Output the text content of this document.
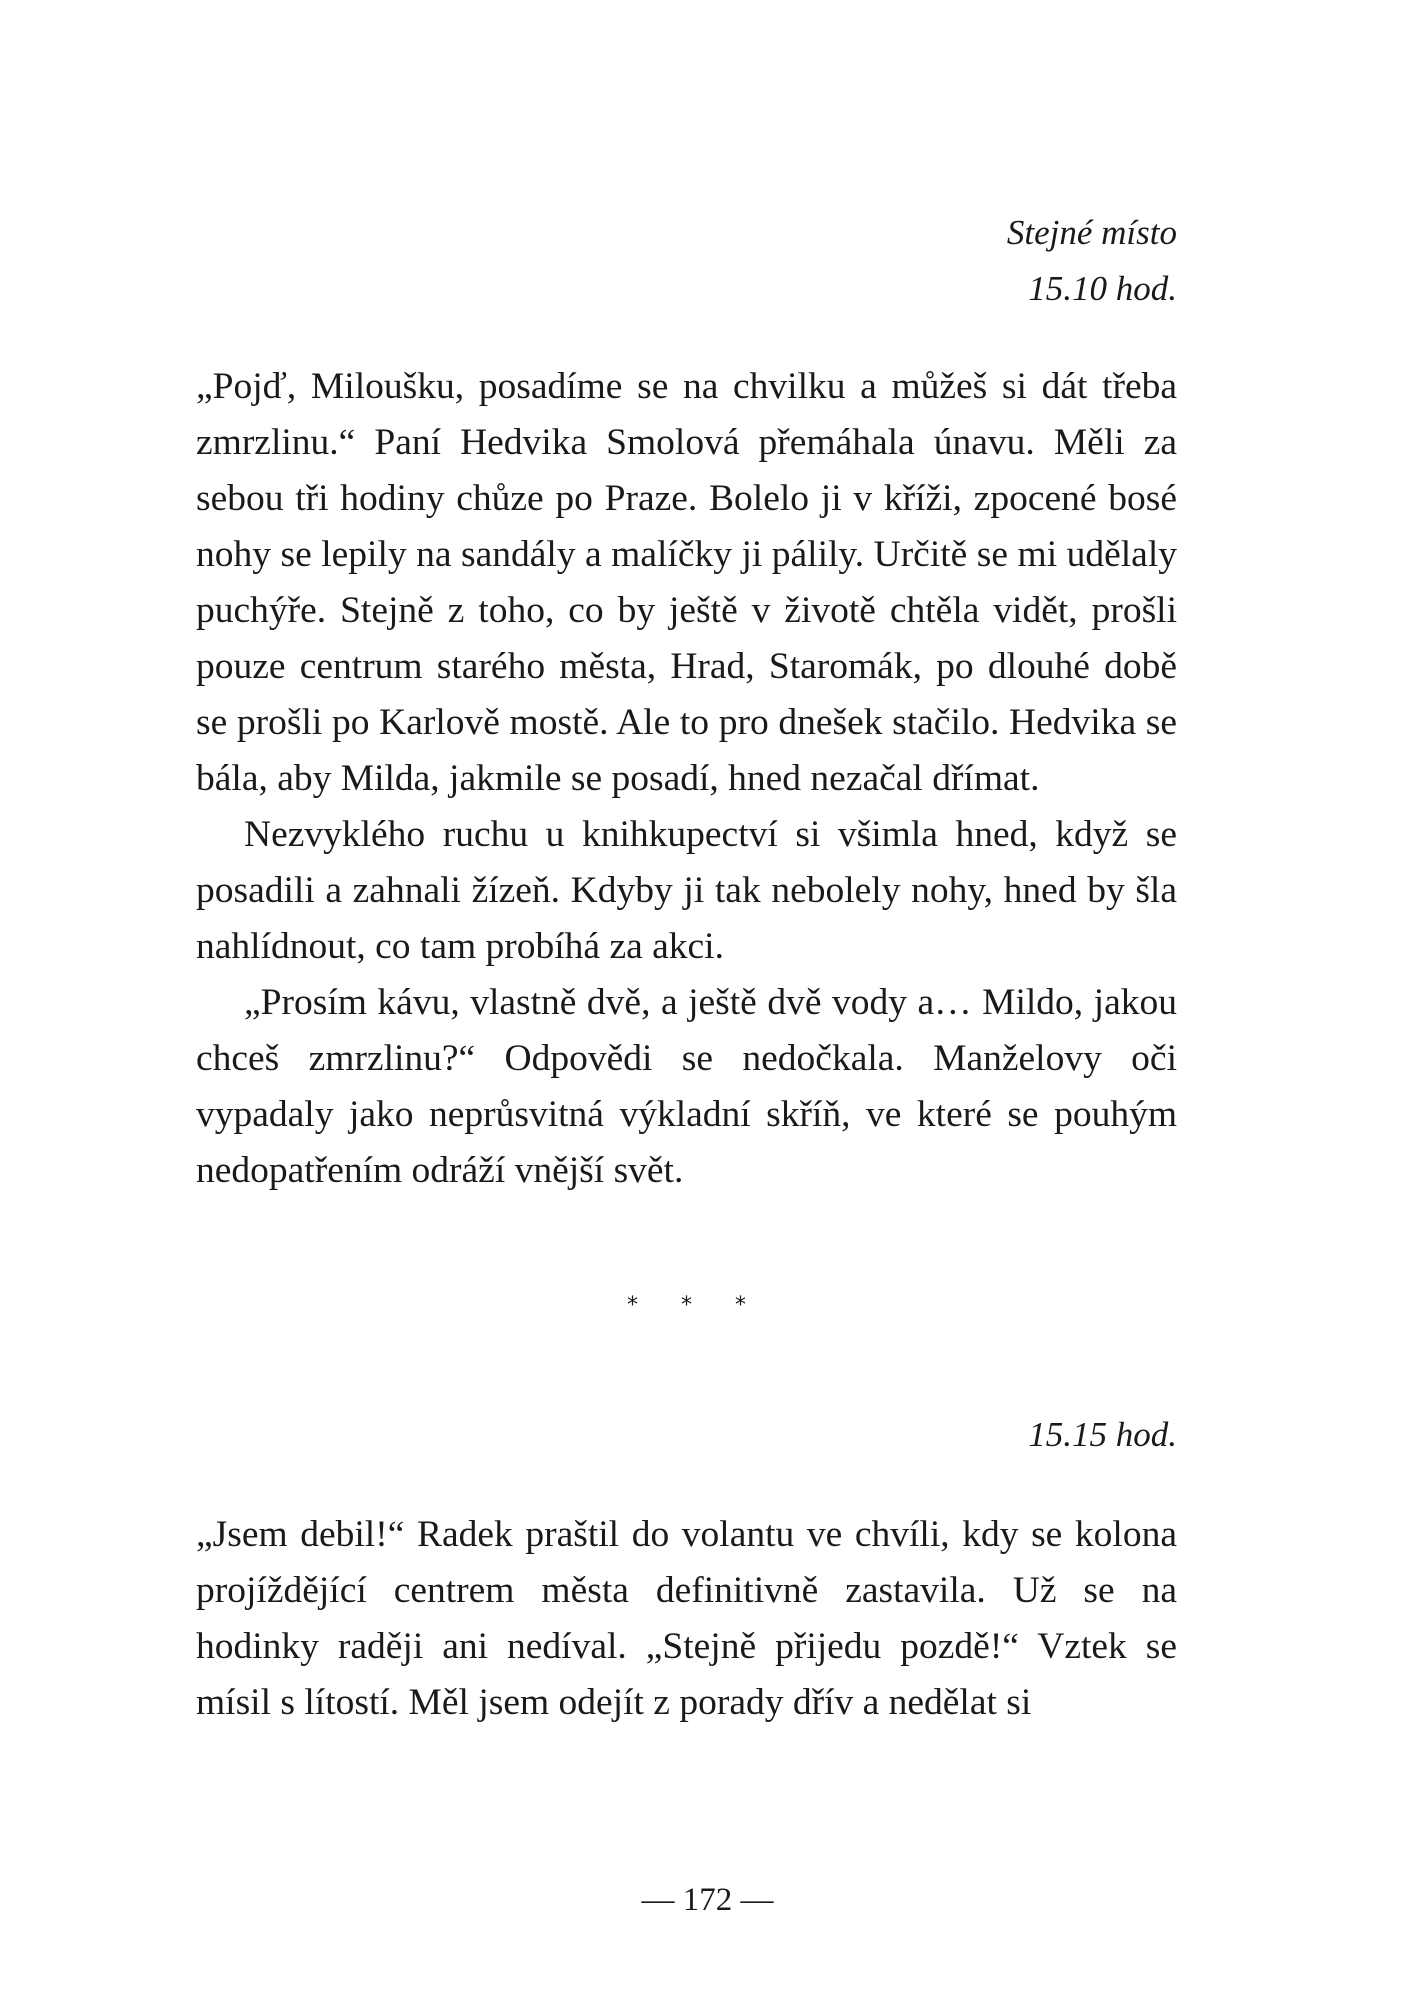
Stejné místo
15.10 hod.

„Pojď, Miloušku, posadíme se na chvilku a můžeš si dát třeba zmrzlinu.“ Paní Hedvika Smolová přemáhala únavu. Měli za sebou tři hodiny chůze po Praze. Bolelo ji v kříži, zpocené bosé nohy se lepily na sandály a malíčky ji pálily. Určitě se mi udělaly puchýře. Stejně z toho, co by ještě v životě chtěla vidět, prošli pouze centrum starého města, Hrad, Staromák, po dlouhé době se prošli po Karlově mostě. Ale to pro dnešek stačilo. Hedvika se bála, aby Milda, jakmile se posadí, hned nezačal dřímat.

Nezvyklého ruchu u knihkupectví si všimla hned, když se posadili a zahnali žízeň. Kdyby ji tak nebolely nohy, hned by šla nahlídnout, co tam probíhá za akci.

„Prosím kávu, vlastně dvě, a ještě dvě vody a… Mildo, jakou chceš zmrzlinu?“ Odpovědi se nedočkala. Manželovy oči vypadaly jako neprůsvitná výkladní skříň, ve které se pouhým nedopatřením odráží vnější svět.

* * *
15.15 hod.

„Jsem debil!“ Radek praštil do volantu ve chvíli, kdy se kolona projíždějící centrem města definitivně zastavila. Už se na hodinky raději ani nedíval. „Stejně přijedu pozdě!“ Vztek se mísil s lítostí. Měl jsem odejít z porady dřív a nedělat si

— 172 —
